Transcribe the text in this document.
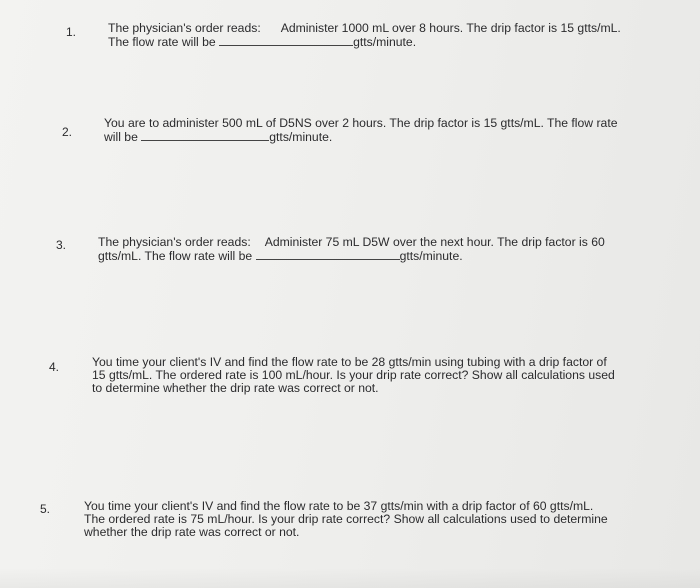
1.	The physician's order reads: Administer 1000 mL over 8 hours. The drip factor is 15 gtts/mL.
The flow rate will be	gtts/minute.
2.
You are to administer 500 mL of D5NS over 2 hours. The drip factor is 15 gtts/mL. The flow rate
will be	gtts/minute.
3.	The physician's order reads: Administer 75 mL D5W over the next hour. The drip factor is 60
gtts/mL. The flow rate will be	gtts/minute.
4.	You time your client's IV and find the flow rate to be 28 gtts/min using tubing with a drip factor of
15 gtts/mL. The ordered rate is 100 mL/hour. Is your drip rate correct? Show all calculations used
to determine whether the drip rate was correct or not.
5.	You time your client's IV and find the flow rate to be 37 gtts/min with a drip factor of 60 gtts/mL.
The ordered rate is 75 mL/hour. Is your drip rate correct? Show all calculations used to determine
whether the drip rate was correct or not.
